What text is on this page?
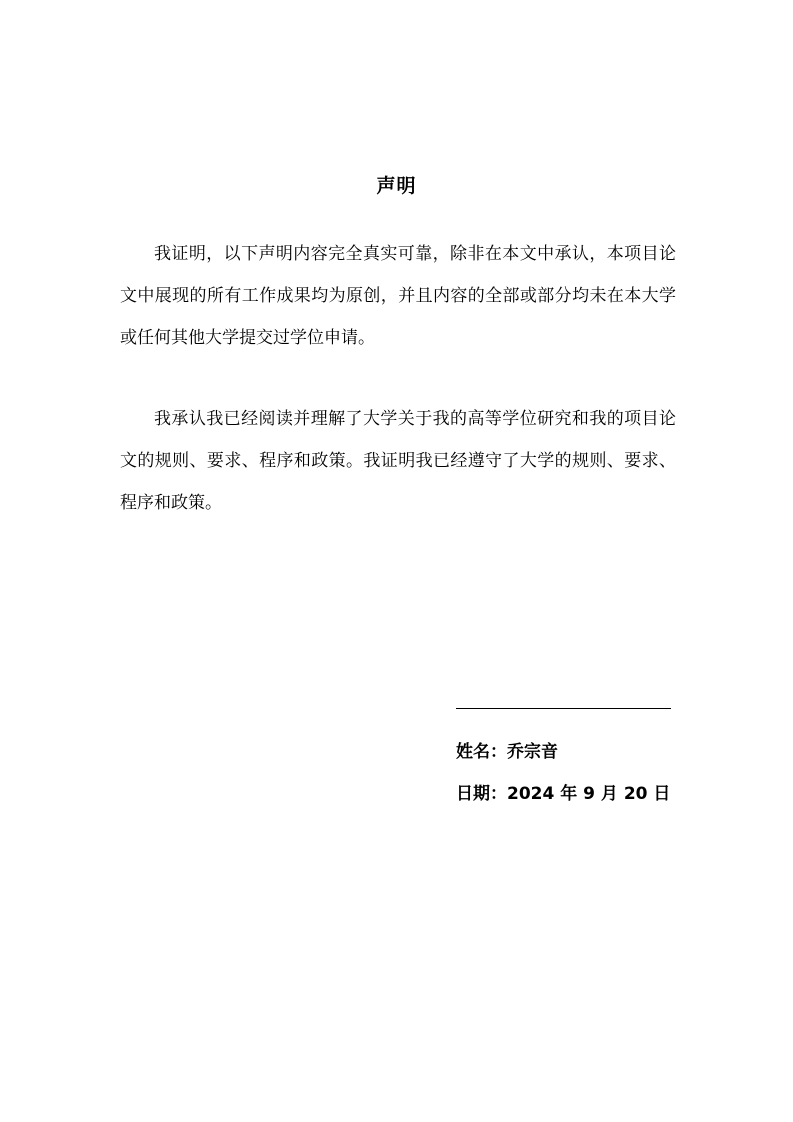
声明

我证明，以下声明内容完全真实可靠，除非在本文中承认，本项目论文中展现的所有工作成果均为原创，并且内容的全部或部分均未在本大学或任何其他大学提交过学位申请。

我承认我已经阅读并理解了大学关于我的高等学位研究和我的项目论文的规则、要求、程序和政策。我证明我已经遵守了大学的规则、要求、程序和政策。

姓名：乔宗音
日期：2024 年 9 月 20 日
